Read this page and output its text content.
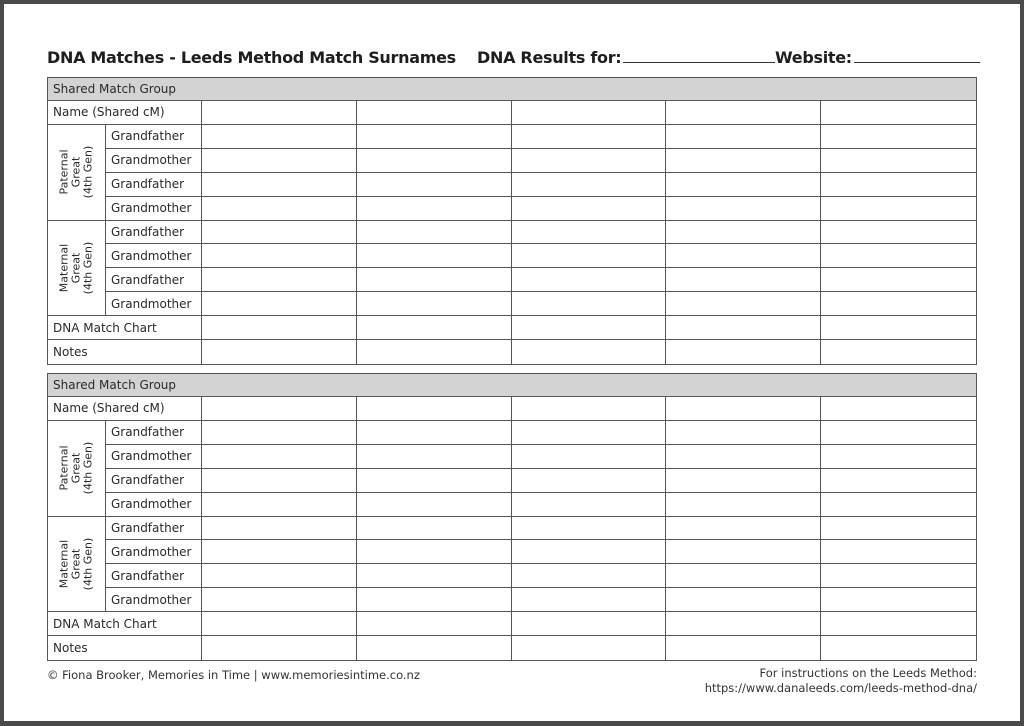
DNA Matches - Leeds Method Match Surnames DNA Results for:	Website:
Shared Match Group
Name (Shared cM)
Paternal
Great
(4th Gen)
Grandfather
Grandmother
Grandfather
Grandmother
Maternal
Great
(4th Gen)
Grandfather
Grandmother
Grandfather
Grandmother
DNA Match Chart
Notes
Shared Match Group
Name (Shared cM)
Paternal
Great
(4th Gen)
Grandfather
Grandmother
Grandfather
Grandmother
Maternal
Great
(4th Gen)
Grandfather
Grandmother
Grandfather
Grandmother
DNA Match Chart
Notes
© Fiona Brooker, Memories in Time | www.memoriesintime.co.nz	For instructions on the Leeds Method:
https://www.danaleeds.com/leeds-method-dna/
